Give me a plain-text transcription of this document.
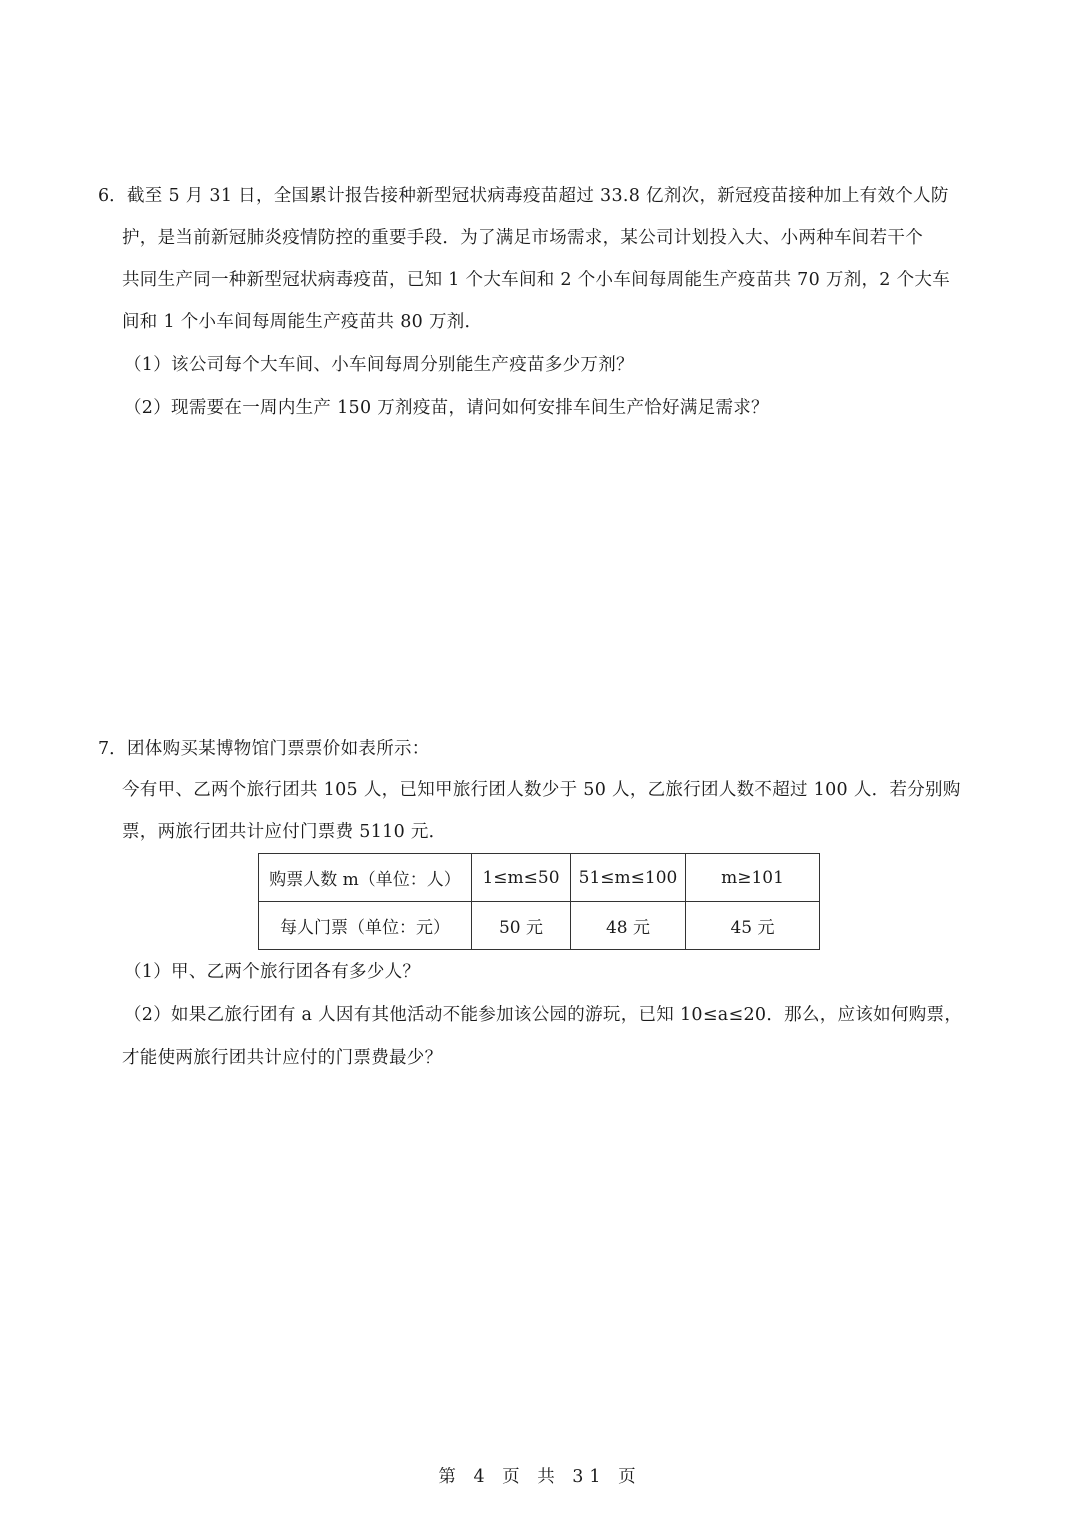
6． 截至 5 月 31 日，全国累计报告接种新型冠状病毒疫苗超过 33.8 亿剂次，新冠疫苗接种加上有效个人防
护，是当前新冠肺炎疫情防控的重要手段．为了满足市场需求，某公司计划投入大、小两种车间若干个
共同生产同一种新型冠状病毒疫苗，已知 1 个大车间和 2 个小车间每周能生产疫苗共 70 万剂，2 个大车
间和 1 个小车间每周能生产疫苗共 80 万剂．
（1）该公司每个大车间、小车间每周分别能生产疫苗多少万剂？
（2）现需要在一周内生产 150 万剂疫苗，请问如何安排车间生产恰好满足需求？
7． 团体购买某博物馆门票票价如表所示：
今有甲、乙两个旅行团共 105 人，已知甲旅行团人数少于 50 人，乙旅行团人数不超过 100 人．若分别购
票，两旅行团共计应付门票费 5110 元．
购票人数 m（单位：人）	1≤m≤50	51≤m≤100	m≥101
每人门票（单位：元）	50 元	48 元	45 元
（1）甲、乙两个旅行团各有多少人？
（2）如果乙旅行团有 a 人因有其他活动不能参加该公园的游玩，已知 10≤a≤20．那么，应该如何购票，
才能使两旅行团共计应付的门票费最少？
第 4 页 共 31 页
